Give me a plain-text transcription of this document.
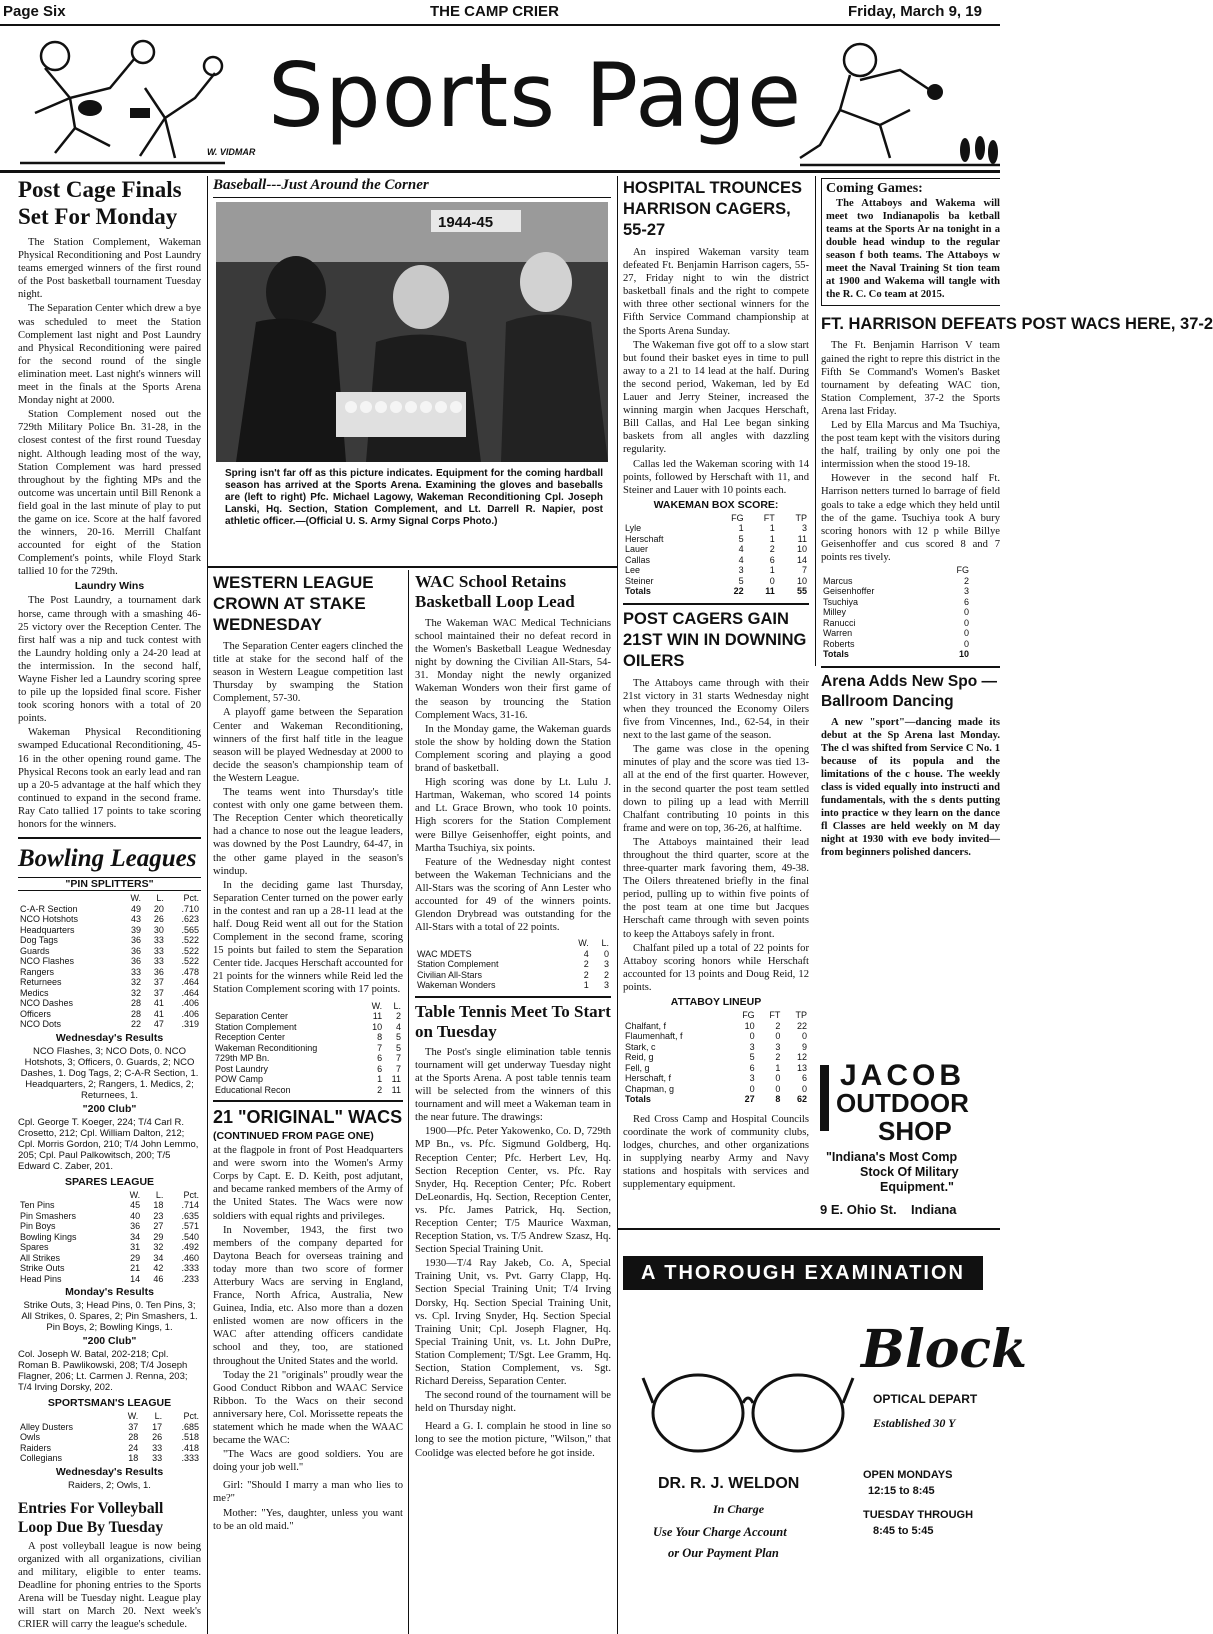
Page Six	THE CAMP CRIER	Friday, March 9, 19
W. VIDMAR
Sports Page
Post Cage Finals Set For Monday

The Station Complement, Wakeman Physical Reconditioning and Post Laundry teams emerged winners of the first round of the Post basketball tournament Tuesday night.

The Separation Center which drew a bye was scheduled to meet the Station Complement last night and Post Laundry and Physical Reconditioning were paired for the second round of the single elimination meet. Last night's winners will meet in the finals at the Sports Arena Monday night at 2000.

Station Complement nosed out the 729th Military Police Bn. 31-28, in the closest contest of the first round Tuesday night. Although leading most of the way, Station Complement was hard pressed throughout by the fighting MPs and the outcome was uncertain until Bill Renonk a field goal in the last minute of play to put the game on ice. Score at the half favored the winners, 20-16. Merrill Chalfant accounted for eight of the Station Complement's points, while Floyd Stark tallied 10 for the 729th.

Laundry Wins

The Post Laundry, a tournament dark horse, came through with a smashing 46-25 victory over the Reception Center. The first half was a nip and tuck contest with the Laundry holding only a 24-20 lead at the intermission. In the second half, Wayne Fisher led a Laundry scoring spree to pile up the lopsided final score. Fisher took scoring honors with a total of 20 points.

Wakeman Physical Reconditioning swamped Educational Reconditioning, 45-16 in the other opening round game. The Physical Recons took an early lead and ran up a 20-5 advantage at the half which they continued to expand in the second frame. Ray Cato tallied 17 points to take scoring honors for the winners.

Bowling Leagues
"PIN SPLITTERS"
	W.	L.	Pct.
C-A-R Section	49	20	.710
NCO Hotshots	43	26	.623
Headquarters	39	30	.565
Dog Tags	36	33	.522
Guards	36	33	.522
NCO Flashes	36	33	.522
Rangers	33	36	.478
Returnees	32	37	.464
Medics	32	37	.464
NCO Dashes	28	41	.406
Officers	28	41	.406
NCO Dots	22	47	.319
Wednesday's Results

NCO Flashes, 3; NCO Dots, 0. NCO Hotshots, 3; Officers, 0. Guards, 2; NCO Dashes, 1. Dog Tags, 2; C-A-R Section, 1. Headquarters, 2; Rangers, 1. Medics, 2; Returnees, 1.

"200 Club"

Cpl. George T. Koeger, 224; T/4 Carl R. Crosetto, 212; Cpl. William Dalton, 212; Cpl. Morris Gordon, 210; T/4 John Lemmo, 205; Cpl. Paul Palkowitsch, 200; T/5 Edward C. Zaber, 201.

SPARES LEAGUE
	W.	L.	Pct.
Ten Pins	45	18	.714
Pin Smashers	40	23	.635
Pin Boys	36	27	.571
Bowling Kings	34	29	.540
Spares	31	32	.492
All Strikes	29	34	.460
Strike Outs	21	42	.333
Head Pins	14	46	.233
Monday's Results

Strike Outs, 3; Head Pins, 0. Ten Pins, 3; All Strikes, 0. Spares, 2; Pin Smashers, 1. Pin Boys, 2; Bowling Kings, 1.

"200 Club"

Col. Joseph W. Batal, 202-218; Cpl. Roman B. Pawlikowski, 208; T/4 Joseph Flagner, 206; Lt. Carmen J. Renna, 203; T/4 Irving Dorsky, 202.

SPORTSMAN'S LEAGUE
	W.	L.	Pct.
Alley Dusters	37	17	.685
Owls	28	26	.518
Raiders	24	33	.418
Collegians	18	33	.333
Wednesday's Results

Raiders, 2; Owls, 1.

Entries For Volleyball Loop Due By Tuesday

A post volleyball league is now being organized with all organizations, civilian and military, eligible to enter teams. Deadline for phoning entries to the Sports Arena will be Tuesday night. League play will start on March 20. Next week's CRIER will carry the league's schedule.

Baseball---Just Around the Corner
1944-45
Spring isn't far off as this picture indicates. Equipment for the coming hardball season has arrived at the Sports Arena. Examining the gloves and baseballs are (left to right) Pfc. Michael Lagowy, Wakeman Reconditioning Cpl. Joseph Lanski, Hq. Section, Station Complement, and Lt. Darrell R. Napier, post athletic officer.—(Official U. S. Army Signal Corps Photo.)
WESTERN LEAGUE CROWN AT STAKE WEDNESDAY

The Separation Center eagers clinched the title at stake for the second half of the season in Western League competition last Thursday by swamping the Station Complement, 57-30.

A playoff game between the Separation Center and Wakeman Reconditioning, winners of the first half title in the league season will be played Wednesday at 2000 to decide the season's championship team of the Western League.

The teams went into Thursday's title contest with only one game between them. The Reception Center which theoretically had a chance to nose out the league leaders, was downed by the Post Laundry, 64-47, in the other game played in the season's windup.

In the deciding game last Thursday, Separation Center turned on the power early in the contest and ran up a 28-11 lead at the half. Doug Reid went all out for the Station Complement in the second frame, scoring 15 points but failed to stem the Separation Center tide. Jacques Herschaft accounted for 21 points for the winners while Reid led the Station Complement scoring with 17 points.

	W.	L.
Separation Center	11	2
Station Complement	10	4
Reception Center	8	5
Wakeman Reconditioning	7	5
729th MP Bn.	6	7
Post Laundry	6	7
POW Camp	1	11
Educational Recon	2	11
21 "ORIGINAL" WACS
(CONTINUED FROM PAGE ONE)

at the flagpole in front of Post Headquarters and were sworn into the Women's Army Corps by Capt. E. D. Keith, post adjutant, and became ranked members of the Army of the United States. The Wacs were now soldiers with equal rights and privileges.

In November, 1943, the first two members of the company departed for Daytona Beach for overseas training and today more than two score of former Atterbury Wacs are serving in England, France, North Africa, Australia, New Guinea, India, etc. Also more than a dozen enlisted women are now officers in the WAC after attending officers candidate school and they, too, are stationed throughout the United States and the world.

Today the 21 "originals" proudly wear the Good Conduct Ribbon and WAAC Service Ribbon. To the Wacs on their second anniversary here, Col. Morissette repeats the statement which he made when the WAAC became the WAC:

"The Wacs are good soldiers. You are doing your job well."

Girl: "Should I marry a man who lies to me?"

Mother: "Yes, daughter, unless you want to be an old maid."

WAC School Retains Basketball Loop Lead

The Wakeman WAC Medical Technicians school maintained their no defeat record in the Women's Basketball League Wednesday night by downing the Civilian All-Stars, 54-31. Monday night the newly organized Wakeman Wonders won their first game of the season by trouncing the Station Complement Wacs, 31-16.

In the Monday game, the Wakeman guards stole the show by holding down the Station Complement scoring and playing a good brand of basketball.

High scoring was done by Lt. Lulu J. Hartman, Wakeman, who scored 14 points and Lt. Grace Brown, who took 10 points. High scorers for the Station Complement were Billye Geisenhoffer, eight points, and Martha Tsuchiya, six points.

Feature of the Wednesday night contest between the Wakeman Technicians and the All-Stars was the scoring of Ann Lester who accounted for 49 of the winners points. Glendon Drybread was outstanding for the All-Stars with a total of 22 points.

	W.	L.
WAC MDETS	4	0
Station Complement	2	3
Civilian All-Stars	2	2
Wakeman Wonders	1	3
Table Tennis Meet To Start on Tuesday

The Post's single elimination table tennis tournament will get underway Tuesday night at the Sports Arena. A post table tennis team will be selected from the winners of this tournament and will meet a Wakeman team in the near future. The drawings:

1900—Pfc. Peter Yakowenko, Co. D, 729th MP Bn., vs. Pfc. Sigmund Goldberg, Hq. Reception Center; Pfc. Herbert Lev, Hq. Section Reception Center, vs. Pfc. Ray Snyder, Hq. Reception Center; Pfc. Robert DeLeonardis, Hq. Section, Reception Center, vs. Pfc. James Patrick, Hq. Section, Reception Center; T/5 Maurice Waxman, Reception Station, vs. T/5 Andrew Szasz, Hq. Section Special Training Unit.

1930—T/4 Ray Jakeb, Co. A, Special Training Unit, vs. Pvt. Garry Clapp, Hq. Section Special Training Unit; T/4 Irving Dorsky, Hq. Section Special Training Unit, vs. Cpl. Irving Snyder, Hq. Section Special Training Unit; Cpl. Joseph Flagner, Hq. Special Training Unit, vs. Lt. John DuPre, Station Complement; T/Sgt. Lee Gramm, Hq. Section, Station Complement, vs. Sgt. Richard Dereiss, Separation Center.

The second round of the tournament will be held on Thursday night.

Heard a G. I. complain he stood in line so long to see the motion picture, "Wilson," that Coolidge was elected before he got inside.

HOSPITAL TROUNCES HARRISON CAGERS, 55-27

An inspired Wakeman varsity team defeated Ft. Benjamin Harrison cagers, 55-27, Friday night to win the district basketball finals and the right to compete with three other sectional winners for the Fifth Service Command championship at the Sports Arena Sunday.

The Wakeman five got off to a slow start but found their basket eyes in time to pull away to a 21 to 14 lead at the half. During the second period, Wakeman, led by Ed Lauer and Jerry Steiner, increased the winning margin when Jacques Herschaft, Bill Callas, and Hal Lee began sinking baskets from all angles with dazzling regularity.

Callas led the Wakeman scoring with 14 points, followed by Herschaft with 11, and Steiner and Lauer with 10 points each.

WAKEMAN BOX SCORE:
	FG	FT	TP
Lyle	1	1	3
Herschaft	5	1	11
Lauer	4	2	10
Callas	4	6	14
Lee	3	1	7
Steiner	5	0	10
Totals	22	11	55
POST CAGERS GAIN 21ST WIN IN DOWNING OILERS

The Attaboys came through with their 21st victory in 31 starts Wednesday night when they trounced the Economy Oilers five from Vincennes, Ind., 62-54, in their next to the last game of the season.

The game was close in the opening minutes of play and the score was tied 13-all at the end of the first quarter. However, in the second quarter the post team settled down to piling up a lead with Merrill Chalfant contributing 10 points in this frame and were on top, 36-26, at halftime.

The Attaboys maintained their lead throughout the third quarter, score at the three-quarter mark favoring them, 49-38. The Oilers threatened briefly in the final period, pulling up to within five points of the post team at one time but Jacques Herschaft came through with seven points to keep the Attaboys safely in front.

Chalfant piled up a total of 22 points for Attaboy scoring honors while Herschaft accounted for 13 points and Doug Reid, 12 points.

ATTABOY LINEUP
	FG	FT	TP
Chalfant, f	10	2	22
Flaumenhaft, f	0	0	0
Stark, c	3	3	9
Reid, g	5	2	12
Fell, g	6	1	13
Herschaft, f	3	0	6
Chapman, g	0	0	0
Totals	27	8	62

Red Cross Camp and Hospital Councils coordinate the work of community clubs, lodges, churches, and other organizations in supplying nearby Army and Navy stations and hospitals with services and supplementary equipment.

Coming Games:

The Attaboys and Wakema will meet two Indianapolis ba ketball teams at the Sports Ar na tonight in a double head windup to the regular season f both teams. The Attaboys w meet the Naval Training St tion team at 1900 and Wakema will tangle with the R. C. Co team at 2015.

FT. HARRISON DEFEATS POST WACS HERE, 37-2

The Ft. Benjamin Harrison V team gained the right to repre this district in the Fifth Se Command's Women's Basket tournament by defeating WAC tion, Station Complement, 37-2 the Sports Arena last Friday.

Led by Ella Marcus and Ma Tsuchiya, the post team kept with the visitors during the half, trailing by only one poi the intermission when the stood 19-18.

However in the second half Ft. Harrison netters turned lo barrage of field goals to take a edge which they held until the of the game. Tsuchiya took A bury scoring honors with 12 p while Billye Geisenhoffer and cus scored 8 and 7 points res tively.

	FG
Marcus	2
Geisenhoffer	3
Tsuchiya	6
Milley	0
Ranucci	0
Warren	0
Roberts	0
Totals	10
Arena Adds New Spo —Ballroom Dancing

A new "sport"—dancing made its debut at the Sp Arena last Monday. The cl was shifted from Service C No. 1 because of its popula and the limitations of the c house. The weekly class is vided equally into instructi and fundamentals, with the s dents putting into practice w they learn on the dance fl Classes are held weekly on M day night at 1930 with eve body invited—from beginners polished dancers.

JACOB
OUTDOOR
SHOP
"Indiana's Most Comp
Stock Of Military
Equipment."
9 E. Ohio St. Indiana
A THOROUGH EXAMINATION
Block
OPTICAL DEPART
Established 30 Y
DR. R. J. WELDON
In Charge
Use Your Charge Account
or Our Payment Plan
OPEN MONDAYS
12:15 to 8:45
TUESDAY THROUGH
8:45 to 5:45
